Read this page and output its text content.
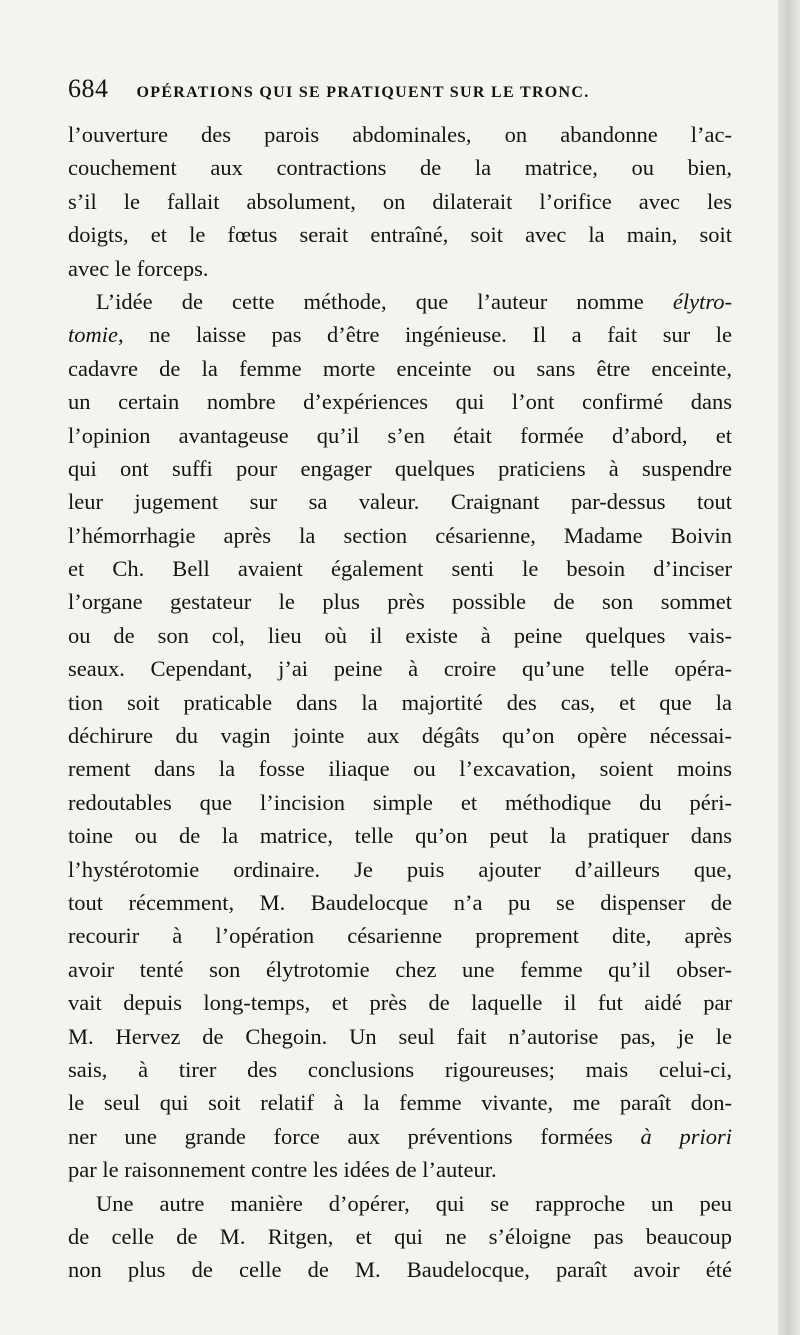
684 OPÉRATIONS QUI SE PRATIQUENT SUR LE TRONC.
l’ouverture des parois abdominales, on abandonne l’ac-
couchement aux contractions de la matrice, ou bien,
s’il le fallait absolument, on dilaterait l’orifice avec les
doigts, et le fœtus serait entraîné, soit avec la main, soit
avec le forceps.
L’idée de cette méthode, que l’auteur nomme élytro-
tomie, ne laisse pas d’être ingénieuse. Il a fait sur le
cadavre de la femme morte enceinte ou sans être enceinte,
un certain nombre d’expériences qui l’ont confirmé dans
l’opinion avantageuse qu’il s’en était formée d’abord, et
qui ont suffi pour engager quelques praticiens à suspendre
leur jugement sur sa valeur. Craignant par-dessus tout
l’hémorrhagie après la section césarienne, Madame Boivin
et Ch. Bell avaient également senti le besoin d’inciser
l’organe gestateur le plus près possible de son sommet
ou de son col, lieu où il existe à peine quelques vais-
seaux. Cependant, j’ai peine à croire qu’une telle opéra-
tion soit praticable dans la majortité des cas, et que la
déchirure du vagin jointe aux dégâts qu’on opère nécessai-
rement dans la fosse iliaque ou l’excavation, soient moins
redoutables que l’incision simple et méthodique du péri-
toine ou de la matrice, telle qu’on peut la pratiquer dans
l’hystérotomie ordinaire. Je puis ajouter d’ailleurs que,
tout récemment, M. Baudelocque n’a pu se dispenser de
recourir à l’opération césarienne proprement dite, après
avoir tenté son élytrotomie chez une femme qu’il obser-
vait depuis long-temps, et près de laquelle il fut aidé par
M. Hervez de Chegoin. Un seul fait n’autorise pas, je le
sais, à tirer des conclusions rigoureuses; mais celui-ci,
le seul qui soit relatif à la femme vivante, me paraît don-
ner une grande force aux préventions formées à priori
par le raisonnement contre les idées de l’auteur.
Une autre manière d’opérer, qui se rapproche un peu
de celle de M. Ritgen, et qui ne s’éloigne pas beaucoup
non plus de celle de M. Baudelocque, paraît avoir été
